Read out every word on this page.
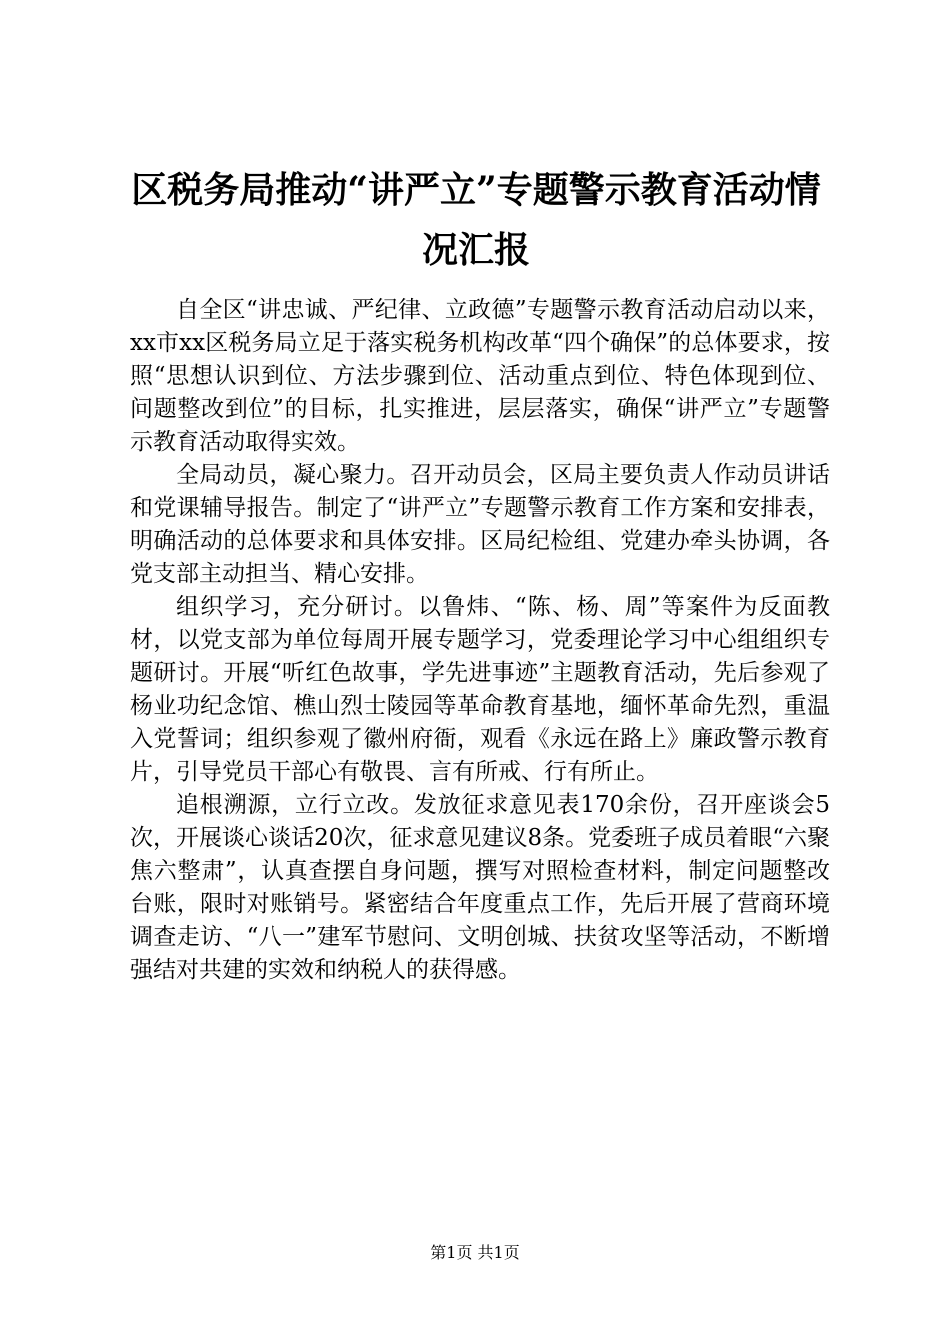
区税务局推动“讲严立”专题警示教育活动情况汇报

自全区“讲忠诚、严纪律、立政德”专题警示教育活动启动以来，xx市xx区税务局立足于落实税务机构改革“四个确保”的总体要求，按照“思想认识到位、方法步骤到位、活动重点到位、特色体现到位、问题整改到位”的目标，扎实推进，层层落实，确保“讲严立”专题警示教育活动取得实效。

全局动员，凝心聚力。召开动员会，区局主要负责人作动员讲话和党课辅导报告。制定了“讲严立”专题警示教育工作方案和安排表，明确活动的总体要求和具体安排。区局纪检组、党建办牵头协调，各党支部主动担当、精心安排。

组织学习，充分研讨。以鲁炜、“陈、杨、周”等案件为反面教材，以党支部为单位每周开展专题学习，党委理论学习中心组组织专题研讨。开展“听红色故事，学先进事迹”主题教育活动，先后参观了杨业功纪念馆、樵山烈士陵园等革命教育基地，缅怀革命先烈，重温入党誓词；组织参观了徽州府衙，观看《永远在路上》廉政警示教育片，引导党员干部心有敬畏、言有所戒、行有所止。

追根溯源，立行立改。发放征求意见表170余份，召开座谈会5次，开展谈心谈话20次，征求意见建议8条。党委班子成员着眼“六聚焦六整肃”，认真查摆自身问题，撰写对照检查材料，制定问题整改台账，限时对账销号。紧密结合年度重点工作，先后开展了营商环境调查走访、“八一”建军节慰问、文明创城、扶贫攻坚等活动，不断增强结对共建的实效和纳税人的获得感。

第1页 共1页
